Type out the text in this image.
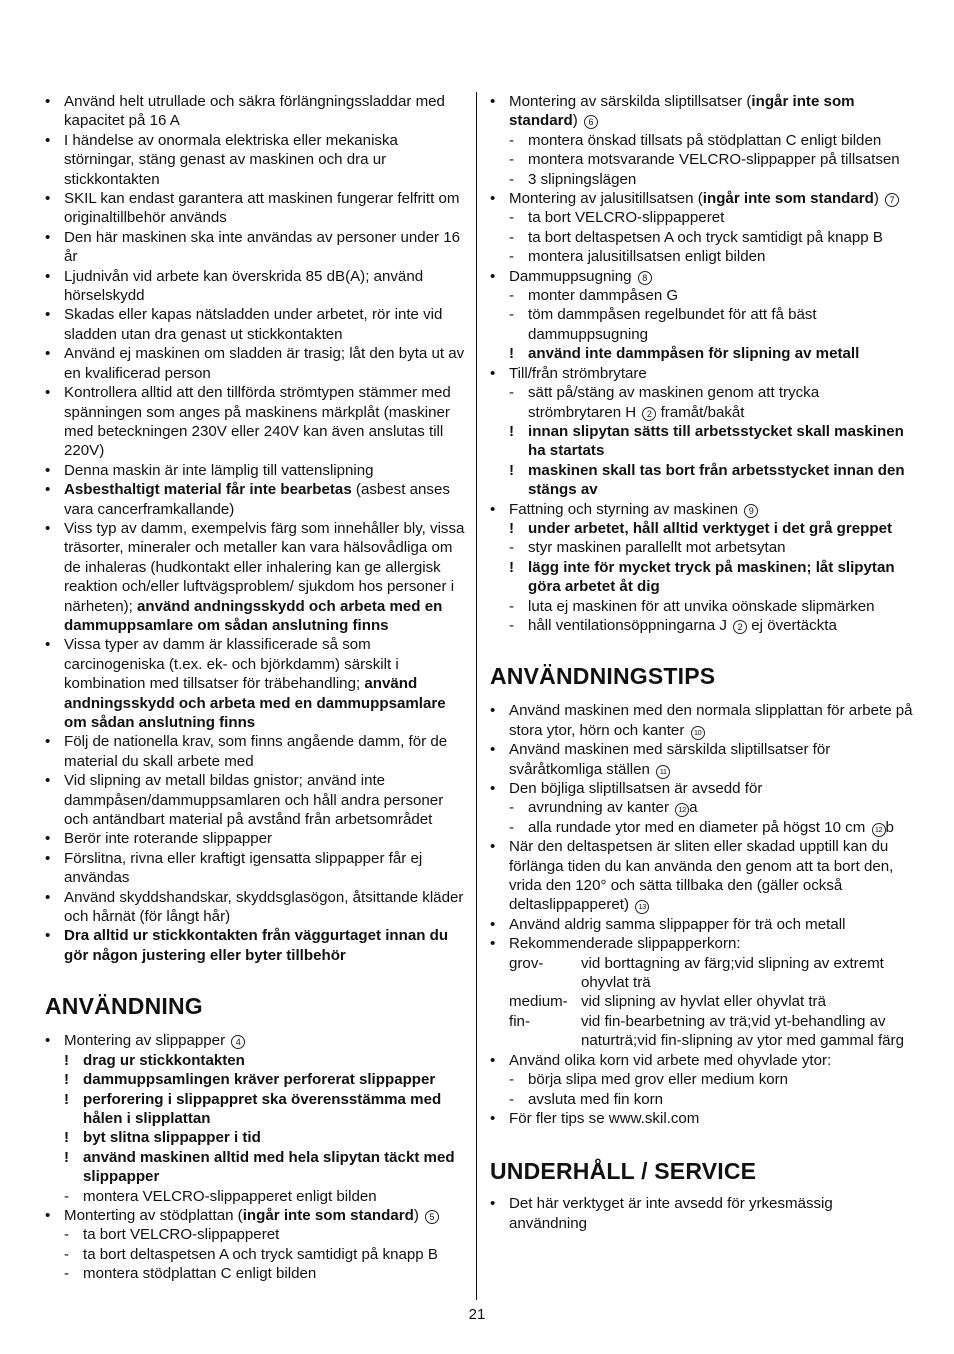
• Använd helt utrullade och säkra förlängningssladdar med kapacitet på 16 A
• I händelse av onormala elektriska eller mekaniska störningar, stäng genast av maskinen och dra ur stickkontakten
• SKIL kan endast garantera att maskinen fungerar felfritt om originaltillbehör används
• Den här maskinen ska inte användas av personer under 16 år
• Ljudnivån vid arbete kan överskrida 85 dB(A); använd hörselskydd
• Skadas eller kapas nätsladden under arbetet, rör inte vid sladden utan dra genast ut stickkontakten
• Använd ej maskinen om sladden är trasig; låt den byta ut av en kvalificerad person
• Kontrollera alltid att den tillförda strömtypen stämmer med spänningen som anges på maskinens märkplåt (maskiner med beteckningen 230V eller 240V kan även anslutas till 220V)
• Denna maskin är inte lämplig till vattenslipning
• Asbesthaltigt material får inte bearbetas (asbest anses vara cancerframkallande)
• Viss typ av damm, exempelvis färg som innehåller bly, vissa träsorter, mineraler och metaller kan vara hälsovådliga om de inhaleras (hudkontakt eller inhalering kan ge allergisk reaktion och/eller luftvägsproblem/ sjukdom hos personer i närheten); använd andningsskydd och arbeta med en dammuppsamlare om sådan anslutning finns
• Vissa typer av damm är klassificerade så som carcinogeniska (t.ex. ek- och björkdamm) särskilt i kombination med tillsatser för träbehandling; använd andningsskydd och arbeta med en dammuppsamlare om sådan anslutning finns
• Följ de nationella krav, som finns angående damm, för de material du skall arbete med
• Vid slipning av metall bildas gnistor; använd inte dammpåsen/dammuppsamlaren och håll andra personer och antändbart material på avstånd från arbetsområdet
• Berör inte roterande slippapper
• Förslitna, rivna eller kraftigt igensatta slippapper får ej användas
• Använd skyddshandskar, skyddsglasögon, åtsittande kläder och hårnät (för långt hår)
• Dra alltid ur stickkontakten från väggurtaget innan du gör någon justering eller byter tillbehör
ANVÄNDNING
• Montering av slippapper 4
! drag ur stickkontakten
! dammuppsamlingen kräver perforerat slippapper
! perforering i slippappret ska överensstämma med hålen i slipplattan
! byt slitna slippapper i tid
! använd maskinen alltid med hela slipytan täckt med slippapper
- montera VELCRO-slippapperet enligt bilden
• Monterting av stödplattan (ingår inte som standard) 5
- ta bort VELCRO-slippapperet
- ta bort deltaspetsen A och tryck samtidigt på knapp B
- montera stödplattan C enligt bilden
• Montering av särskilda sliptillsatser (ingår inte som standard) 6
- montera önskad tillsats på stödplattan C enligt bilden
- montera motsvarande VELCRO-slippapper på tillsatsen
- 3 slipningslägen
• Montering av jalusitillsatsen (ingår inte som standard) 7
- ta bort VELCRO-slippapperet
- ta bort deltaspetsen A och tryck samtidigt på knapp B
- montera jalusitillsatsen enligt bilden
• Dammuppsugning 8
- monter dammpåsen G
- töm dammpåsen regelbundet för att få bäst dammuppsugning
! använd inte dammpåsen för slipning av metall
• Till/från strömbrytare
- sätt på/stäng av maskinen genom att trycka strömbrytaren H 2 framåt/bakåt
! innan slipytan sätts till arbetsstycket skall maskinen ha startats
! maskinen skall tas bort från arbetsstycket innan den stängs av
• Fattning och styrning av maskinen 9
! under arbetet, håll alltid verktyget i det grå greppet
- styr maskinen parallellt mot arbetsytan
! lägg inte för mycket tryck på maskinen; låt slipytan göra arbetet åt dig
- luta ej maskinen för att unvika oönskade slipmärken
- håll ventilationsöppningarna J 2 ej övertäckta
ANVÄNDNINGSTIPS
• Använd maskinen med den normala slipplattan för arbete på stora ytor, hörn och kanter 10
• Använd maskinen med särskilda sliptillsatser för svåråtkomliga ställen 11
• Den böjliga sliptillsatsen är avsedd för
- avrundning av kanter 12 a
- alla rundade ytor med en diameter på högst 10 cm 12 b
• När den deltaspetsen är sliten eller skadad upptill kan du förlänga tiden du kan använda den genom att ta bort den, vrida den 120° och sätta tillbaka den (gäller också deltaslippapperet) 13
• Använd aldrig samma slippapper för trä och metall
• Rekommenderade slippapperkorn:
grov-	vid borttagning av färg;vid slipning av extremt ohyvlat trä
medium- vid slipning av hyvlat eller ohyvlat trä
fin-	vid fin-bearbetning av trä;vid yt-behandling av naturträ;vid fin-slipning av ytor med gammal färg
• Använd olika korn vid arbete med ohyvlade ytor:
- börja slipa med grov eller medium korn
- avsluta med fin korn
• För fler tips se www.skil.com
UNDERHÅLL / SERVICE
• Det här verktyget är inte avsedd för yrkesmässig användning
21
